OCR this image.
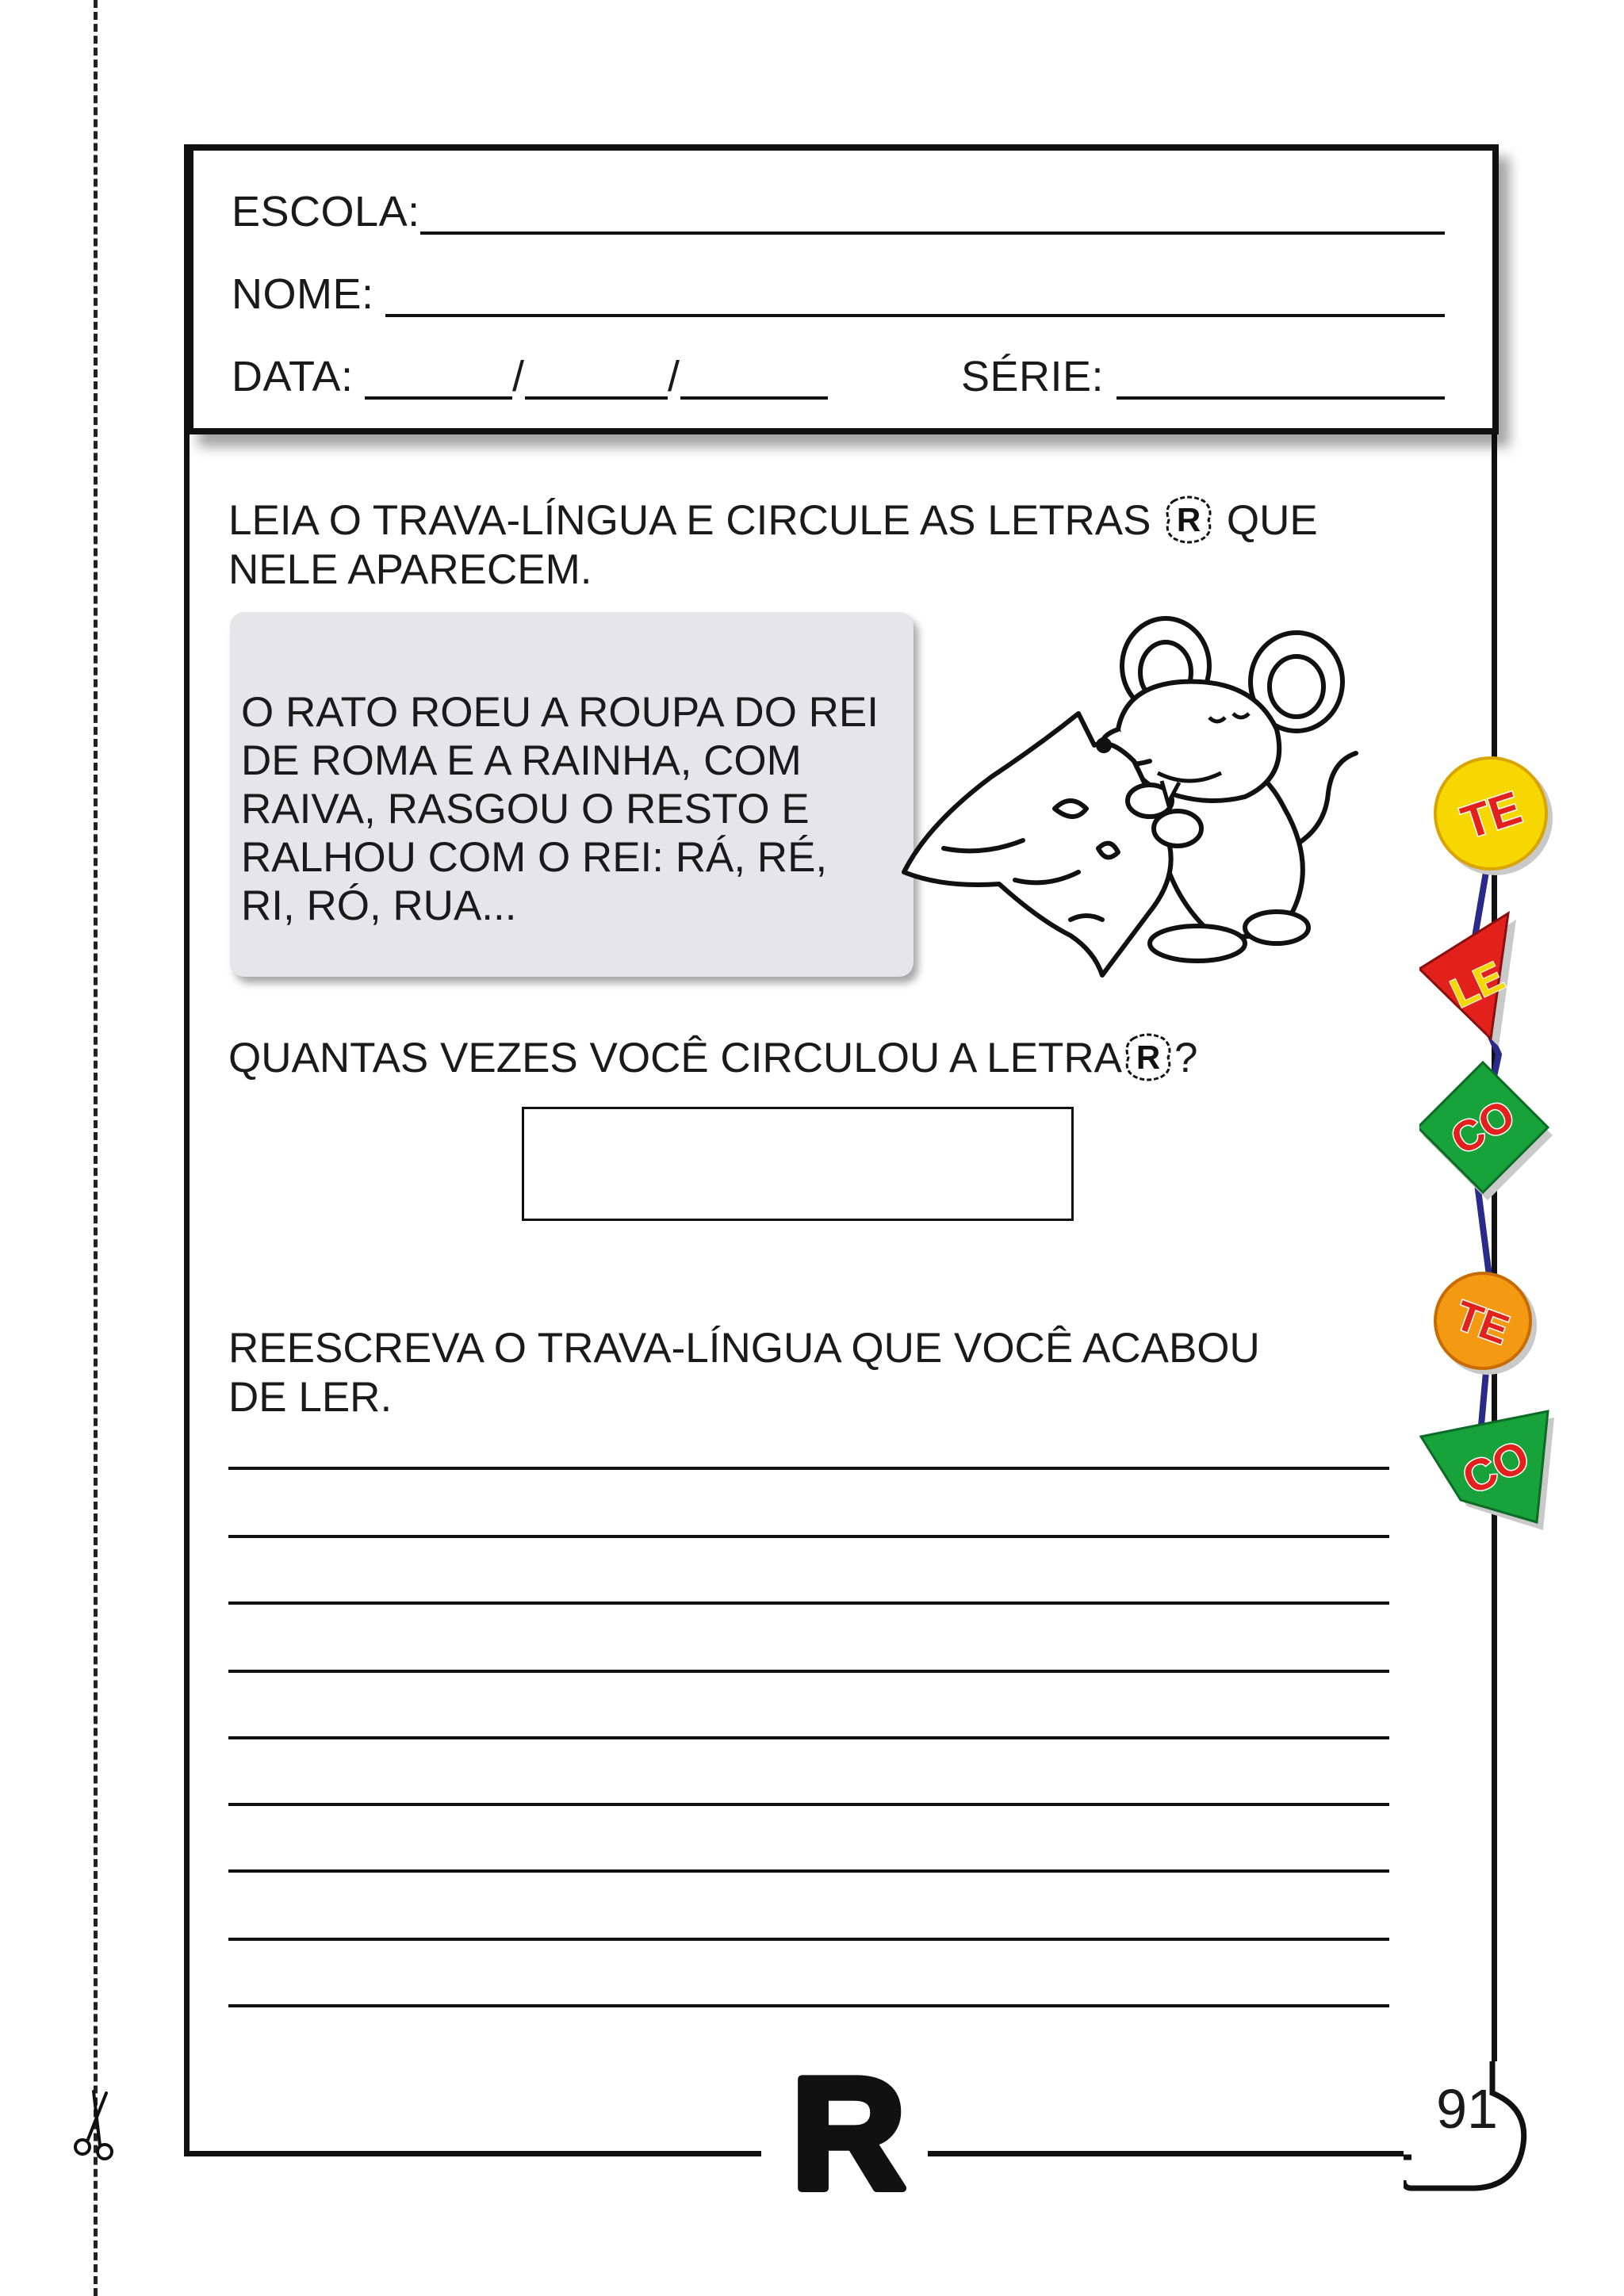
ESCOLA:
NOME:
DATA:	/	/	SÉRIE:
LEIA O TRAVA-LÍNGUA E CIRCULE AS LETRAS R QUE
NELE APARECEM.
O RATO ROEU A ROUPA DO REI
DE ROMA E A RAINHA, COM
RAIVA, RASGOU O RESTO E
RALHOU COM O REI: RÁ, RÉ,
RI, RÓ, RUA...
QUANTAS VEZES VOCÊ CIRCULOU A LETRA R ?
REESCREVA O TRAVA-LÍNGUA QUE VOCÊ ACABOU
DE LER.
TE
LE
CO
TE
CO
R	91
